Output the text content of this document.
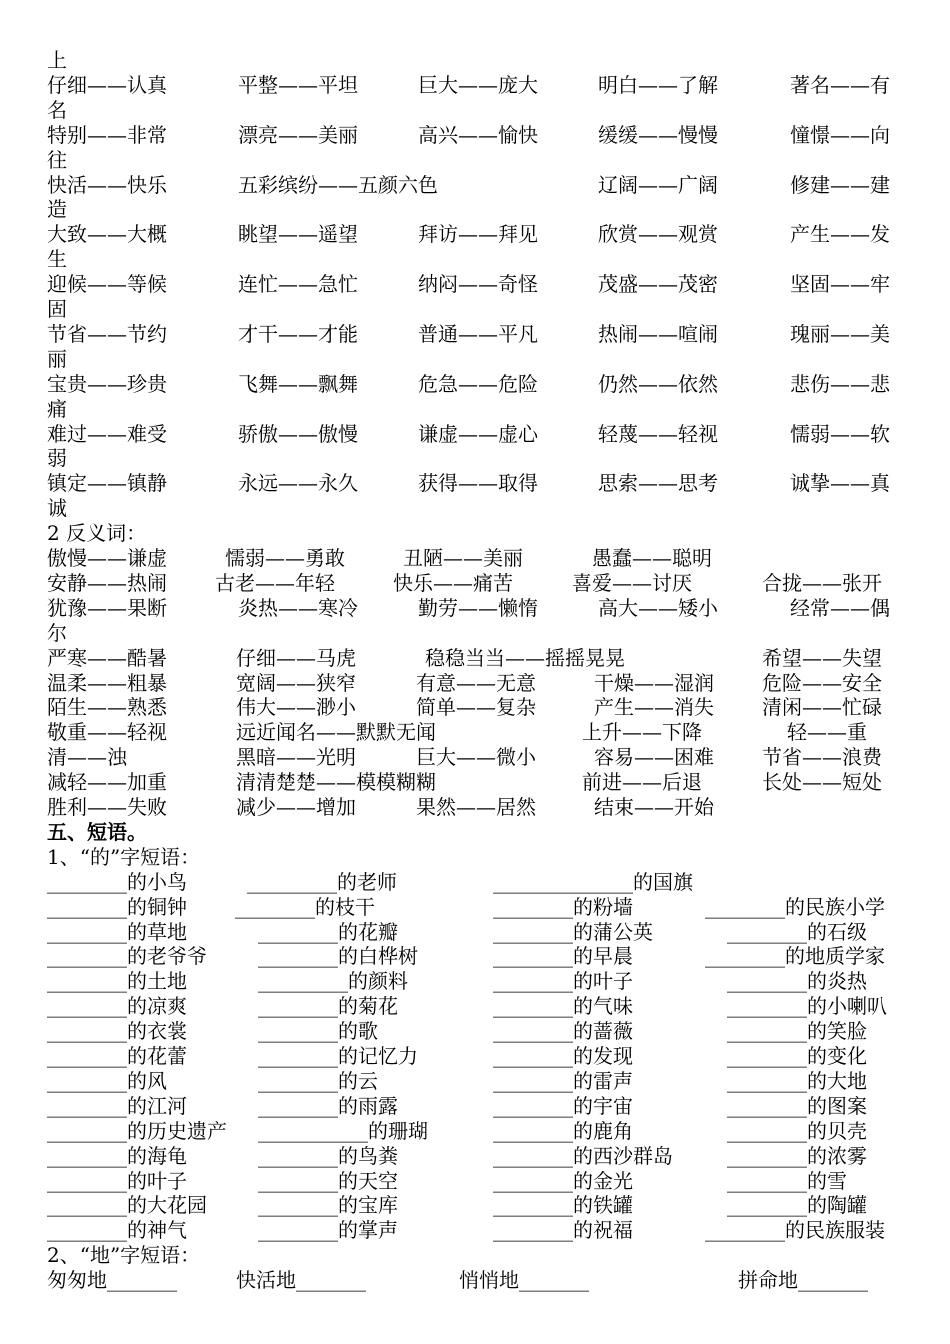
上
仔细——认真	平整——平坦	巨大——庞大	明白——了解	著名——有
名
特别——非常	漂亮——美丽	高兴——愉快	缓缓——慢慢	憧憬——向
往
快活——快乐	五彩缤纷——五颜六色	辽阔——广阔	修建——建
造
大致——大概	眺望——遥望	拜访——拜见	欣赏——观赏	产生——发
生
迎候——等候	连忙——急忙	纳闷——奇怪	茂盛——茂密	坚固——牢
固
节省——节约	才干——才能	普通——平凡	热闹——喧闹	瑰丽——美
丽
宝贵——珍贵	飞舞——飘舞	危急——危险	仍然——依然	悲伤——悲
痛
难过——难受	骄傲——傲慢	谦虚——虚心	轻蔑——轻视	懦弱——软
弱
镇定——镇静	永远——永久	获得——取得	思索——思考	诚挚——真
诚
2 反义词：
傲慢——谦虚	懦弱——勇敢	丑陋——美丽	愚蠢——聪明
安静——热闹 古老——年轻	快乐——痛苦	喜爱——讨厌	合拢——张开
犹豫——果断	炎热——寒冷	勤劳——懒惰	高大——矮小	经常——偶
尔
严寒——酷暑	仔细——马虎	稳稳当当——摇摇晃晃	希望——失望
温柔——粗暴	宽阔——狭窄	有意——无意	干燥——湿润 危险——安全
陌生——熟悉	伟大——渺小	简单——复杂	产生——消失 清闲——忙碌
敬重——轻视	远近闻名——默默无闻	上升——下降	轻——重
清——浊	黑暗——光明	巨大——微小	容易——困难 节省——浪费
减轻——加重	清清楚楚——模模糊糊	前进——后退	长处——短处
胜利——失败	减少——增加	果然——居然	结束——开始
五、短语。
1、“的”字短语：
________的小鸟	_________的老师	______________的国旗
________的铜钟 ________的枝干	________的粉墙	________的民族小学
________的草地	________的花瓣	________的蒲公英	________的石级
________的老爷爷	________的白桦树	________的早晨	________的地质学家
________的土地	_________的颜料	________的叶子	________的炎热
________的凉爽	________的菊花	________的气味	________的小喇叭
________的衣裳	________的歌	________的蔷薇	________的笑脸
________的花蕾	________的记忆力	________的发现	________的变化
________的风	________的云	________的雷声	________的大地
________的江河	________的雨露	________的宇宙	________的图案
________的历史遗产 ___________的珊瑚	________的鹿角	________的贝壳
________的海龟	________的鸟粪	________的西沙群岛	________的浓雾
________的叶子	________的天空	________的金光	________的雪
________的大花园	________的宝库	________的铁罐	________的陶罐
________的神气	________的掌声	________的祝福	________的民族服装
2、“地”字短语：
匆匆地_______	快活地_______	悄悄地_______	拼命地_______
